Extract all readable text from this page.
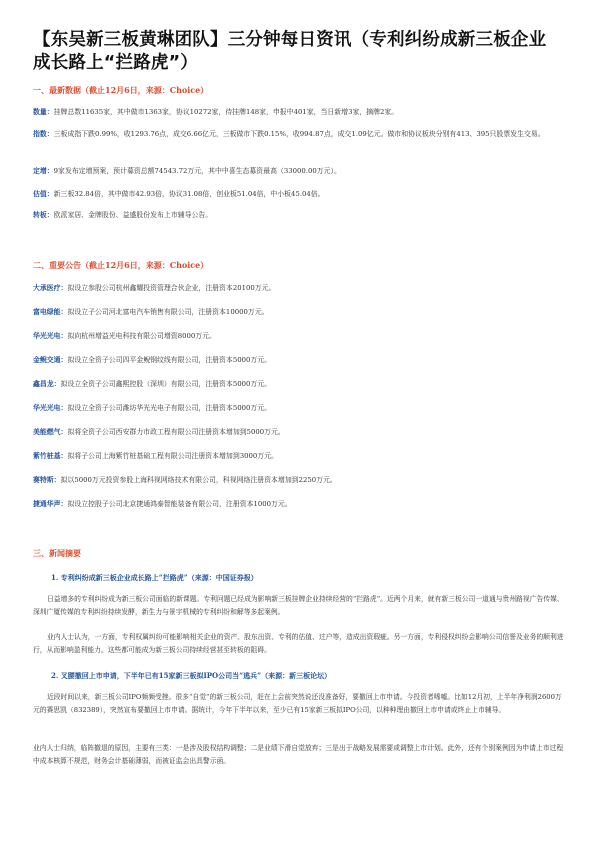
【东吴新三板黄琳团队】三分钟每日资讯（专利纠纷成新三板企业成长路上“拦路虎”）
一、最新数据（截止12月6日，来源：Choice）
数量：挂牌总数11635家，其中做市1363家，协议10272家，待挂牌148家，申报中401家，当日新增3家，摘牌2家。
指数：三板成指下跌0.99%，收1293.76点，成交6.66亿元，三板做市下跌0.15%，收994.87点，成交1.09亿元。做市和协议板块分别有413、395只股票发生交易。
定增：9家发布定增预案，预计募资总额74543.72万元，其中中喜生态募资最高（33000.00万元）。
估值：新三板32.84倍，其中做市42.93倍，协议31.08倍，创业板51.04倍，中小板45.04倍。
转板：欧派家居、金牌股份、益盛股份发布上市辅导公告。
二、重要公告（截止12月6日，来源：Choice）
大承医疗：拟设立参股公司杭州鑫耀投资管理合伙企业，注册资本20100万元。
富电绿能：拟设立子公司河北富电汽车销售有限公司，注册资本10000万元。
华光光电：拟向杭州增益光电科技有限公司增资8000万元。
金鲵交通：拟设立全资子公司四平金鲵钢纹线有限公司，注册资本5000万元。
鑫昌龙：拟设立全资子公司鑫熙控股（深圳）有限公司，注册资本5000万元。
华光光电：拟设立全资子公司潍坊华光光电子有限公司，注册资本5000万元。
美能燃气：拟将全资子公司西安群力市政工程有限公司注册资本增加到5000万元。
紫竹桩基：拟将子公司上海紫竹桩基础工程有限公司注册资本增加到3000万元。
赛特斯：拟以5000万元投资参股上海科视网络技术有限公司，科视网络注册资本增加到2250万元。
捷通华声：拟设立控股子公司北京捷通鸿泰智能装备有限公司，注册资本1000万元。
三、新闻摘要
1. 专利纠纷成新三板企业成长路上“拦路虎”（来源：中国证券报）
日益增多的专利纠纷成为新三板公司面临的新课题。专利问题已经成为影响新三板挂牌企业持续经营的“拦路虎”。近两个月来，就有新三板公司一道通与贵州路视广告传媒、深圳广厦传媒的专利纠纷持续发酵，新生力与景宇机械的专利纠纷和解等多起案例。
业内人士认为，一方面，专利权属纠纷可能影响相关企业的资产、股东出资、专利的估值、过户等，造成出资瑕疵。另一方面，专利侵权纠纷会影响公司信誉及业务的顺利进行，从而影响盈利能力。这些都可能成为新三板公司持续经营甚至转板的阻碍。
2. 叉腰撤回上市申请，下半年已有15家新三板拟IPO公司当“逃兵”（来源：新三板论坛）
近段时间以来，新三板公司IPO频频受挫。很多“自觉”的新三板公司，赶在上会前突然说还没准备好，要撤回上市申请。今投资者唏嘘。比如12月初，上半年净利润2600万元的赛思凯（832389），突然宣布要撤回上市申请。据统计，今年下半年以来，至少已有15家新三板拟IPO公司，以种种理由撤回上市申请或终止上市辅导。
业内人士归纳，临阵撤退的原因，主要有三类：一是涉及股权结构调整；二是业绩下滑自觉放弃；三是出于战略发展需要或调整上市计划。此外，还有个别案例因为申请上市过程中成本核算不规范，财务会计基础薄弱，而被证监会出具警示函。
